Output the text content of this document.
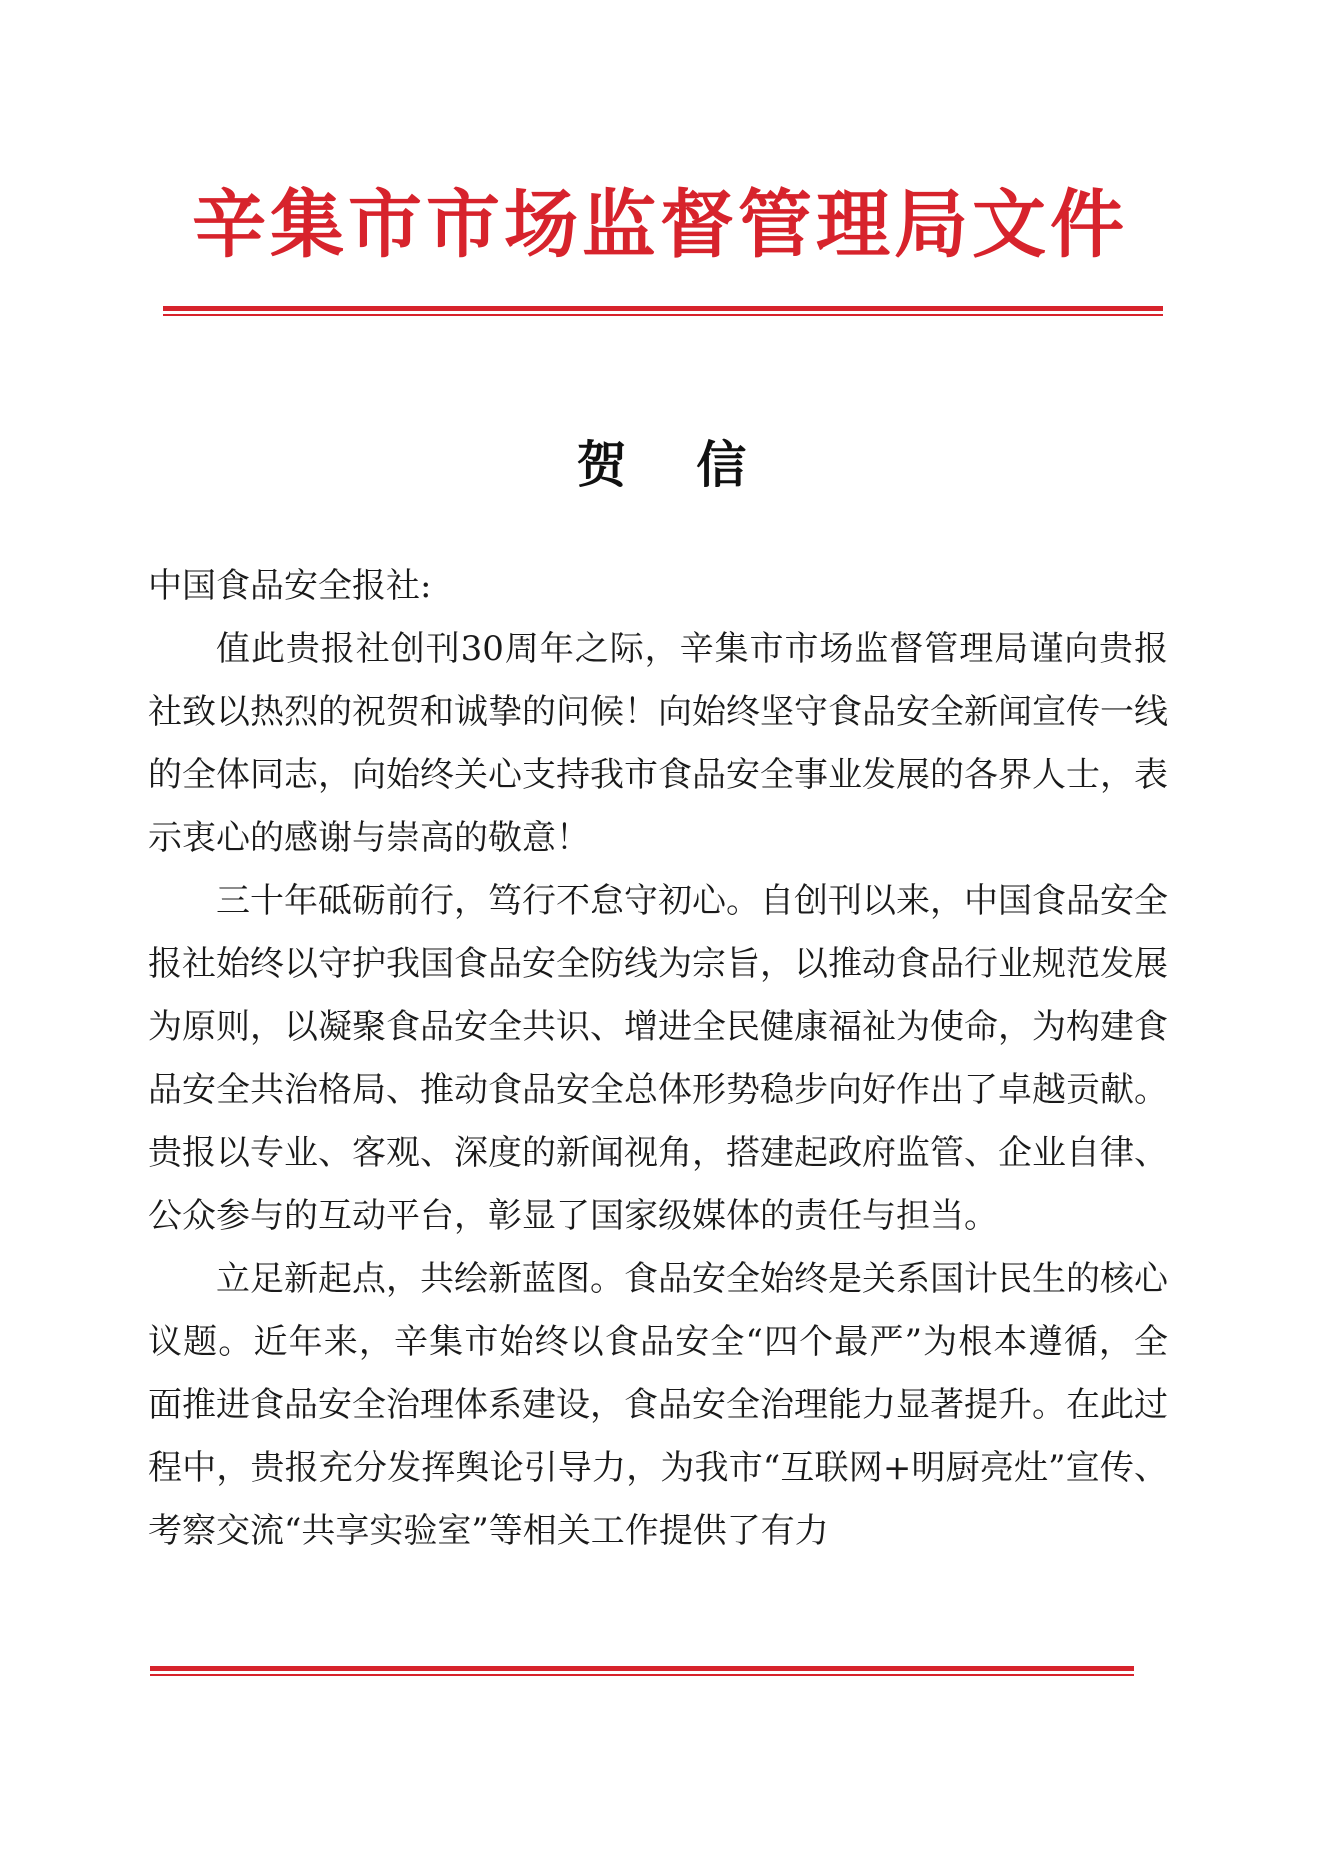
辛集市市场监督管理局文件
贺    信

中国食品安全报社:

值此贵报社创刊30周年之际，辛集市市场监督管理局谨向贵报社致以热烈的祝贺和诚挚的问候！向始终坚守食品安全新闻宣传一线的全体同志，向始终关心支持我市食品安全事业发展的各界人士，表示衷心的感谢与崇高的敬意！

三十年砥砺前行，笃行不怠守初心。自创刊以来，中国食品安全报社始终以守护我国食品安全防线为宗旨，以推动食品行业规范发展为原则，以凝聚食品安全共识、增进全民健康福祉为使命，为构建食品安全共治格局、推动食品安全总体形势稳步向好作出了卓越贡献。贵报以专业、客观、深度的新闻视角，搭建起政府监管、企业自律、公众参与的互动平台，彰显了国家级媒体的责任与担当。

立足新起点，共绘新蓝图。食品安全始终是关系国计民生的核心议题。近年来，辛集市始终以食品安全“四个最严”为根本遵循，全面推进食品安全治理体系建设，食品安全治理能力显著提升。在此过程中，贵报充分发挥舆论引导力，为我市“互联网+明厨亮灶”宣传、考察交流“共享实验室”等相关工作提供了有力
